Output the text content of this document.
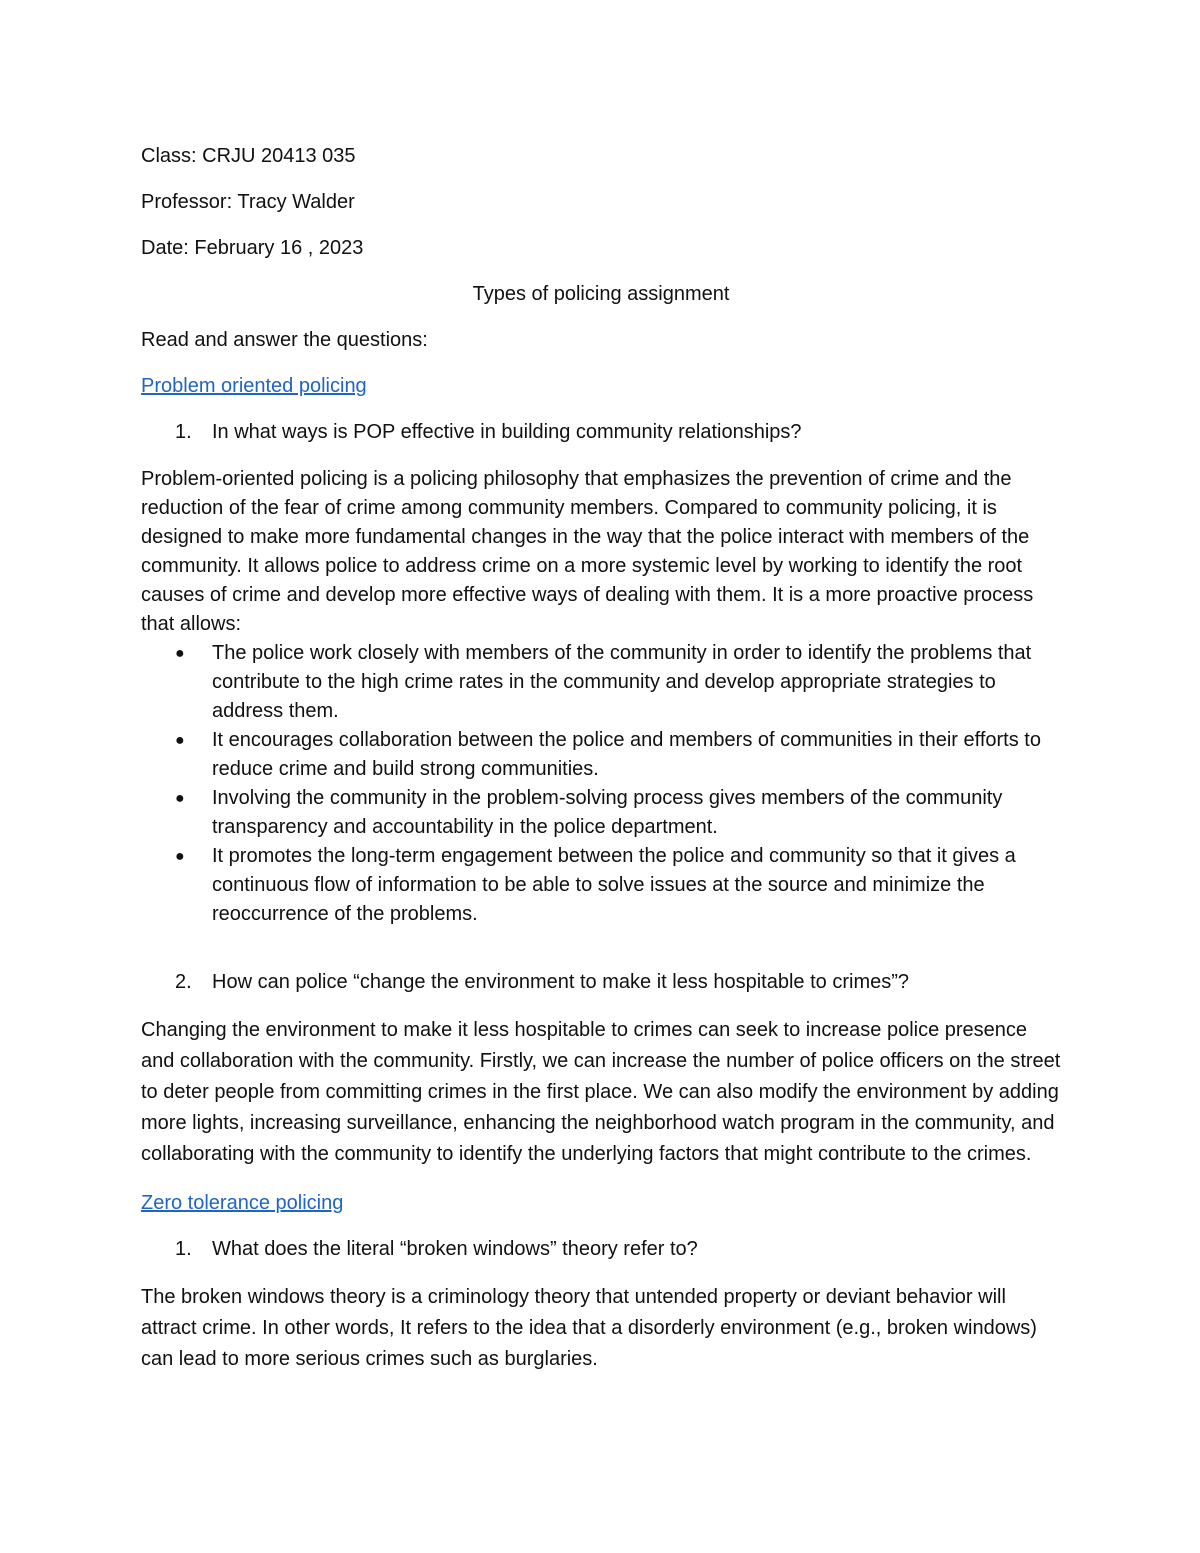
Class: CRJU 20413 035

Professor: Tracy Walder

Date: February 16 , 2023

Types of policing assignment

Read and answer the questions:

Problem oriented policing
1.	In what ways is POP effective in building community relationships?

Problem-oriented policing is a policing philosophy that emphasizes the prevention of crime and the reduction of the fear of crime among community members. Compared to community policing, it is designed to make more fundamental changes in the way that the police interact with members of the community. It allows police to address crime on a more systemic level by working to identify the root causes of crime and develop more effective ways of dealing with them. It is a more proactive process that allows:

●	The police work closely with members of the community in order to identify the problems that contribute to the high crime rates in the community and develop appropriate strategies to address them.
●	It encourages collaboration between the police and members of communities in their efforts to reduce crime and build strong communities.
●	Involving the community in the problem-solving process gives members of the community transparency and accountability in the police department.
●	It promotes the long-term engagement between the police and community so that it gives a continuous flow of information to be able to solve issues at the source and minimize the reoccurrence of the problems.
2.	How can police “change the environment to make it less hospitable to crimes”?

Changing the environment to make it less hospitable to crimes can seek to increase police presence and collaboration with the community. Firstly, we can increase the number of police officers on the street to deter people from committing crimes in the first place. We can also modify the environment by adding more lights, increasing surveillance, enhancing the neighborhood watch program in the community, and collaborating with the community to identify the underlying factors that might contribute to the crimes.

Zero tolerance policing
1.	What does the literal “broken windows” theory refer to?

The broken windows theory is a criminology theory that untended property or deviant behavior will attract crime. In other words, It refers to the idea that a disorderly environment (e.g., broken windows) can lead to more serious crimes such as burglaries.
